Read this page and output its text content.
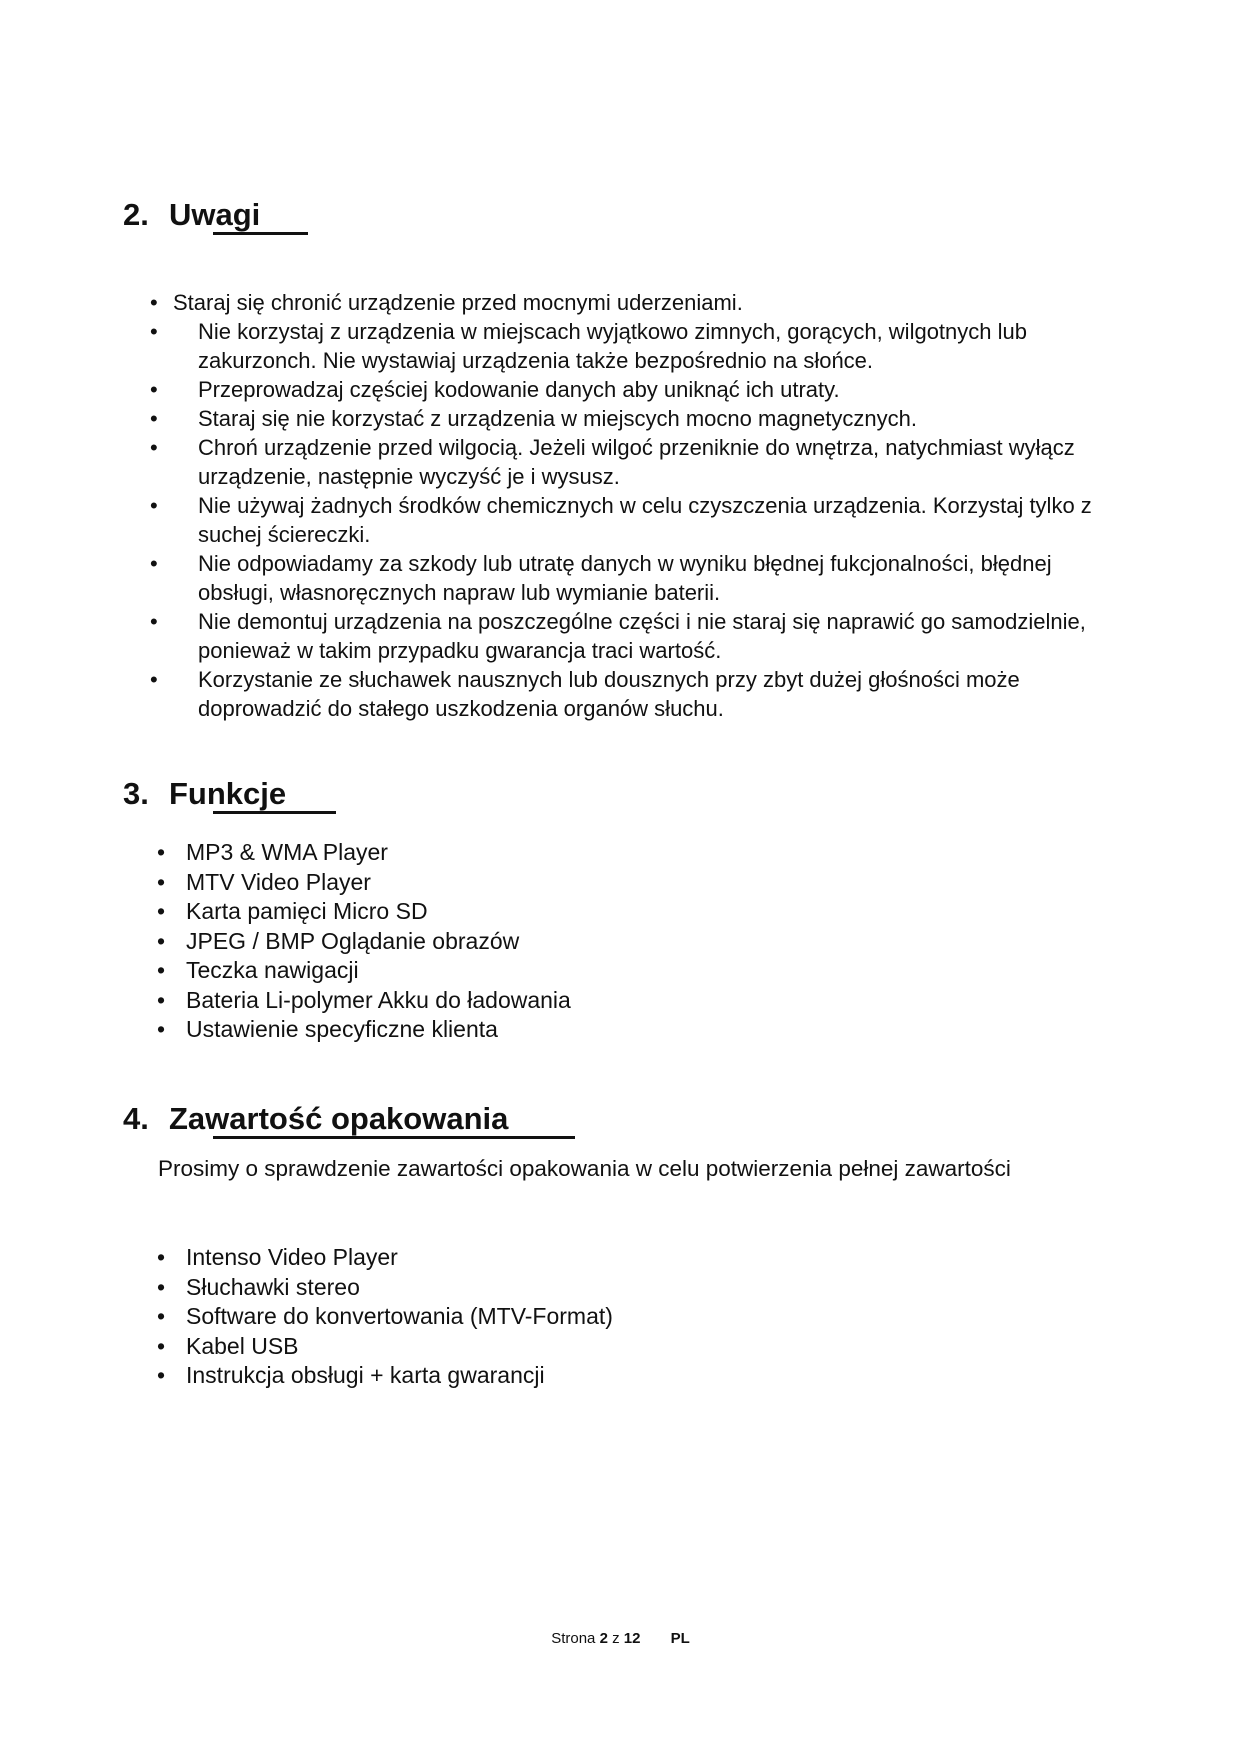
2. Uwagi
• Staraj się chronić urządzenie przed mocnymi uderzeniami.
• Nie korzystaj z urządzenia w miejscach wyjątkowo zimnych, gorących, wilgotnych lub zakurzonch. Nie wystawiaj urządzenia także bezpośrednio na słońce.
• Przeprowadzaj częściej kodowanie danych aby uniknąć ich utraty.
• Staraj się nie korzystać z urządzenia w miejscych mocno magnetycznych.
• Chroń urządzenie przed wilgocią. Jeżeli wilgoć przeniknie do wnętrza, natychmiast wyłącz urządzenie, następnie wyczyść je i wysusz.
• Nie używaj żadnych środków chemicznych w celu czyszczenia urządzenia. Korzystaj tylko z suchej ściereczki.
• Nie odpowiadamy za szkody lub utratę danych w wyniku błędnej fukcjonalności, błędnej obsługi, własnoręcznych napraw lub wymianie baterii.
• Nie demontuj urządzenia na poszczególne części i nie staraj się naprawić go samodzielnie, ponieważ w takim przypadku gwarancja traci wartość.
• Korzystanie ze słuchawek nausznych lub dousznych przy zbyt dużej głośności może doprowadzić do stałego uszkodzenia organów słuchu.
3. Funkcje
• MP3 & WMA Player
• MTV Video Player
• Karta pamięci Micro SD
• JPEG / BMP Oglądanie obrazów
• Teczka nawigacji
• Bateria Li-polymer Akku do ładowania
• Ustawienie specyficzne klienta
4. Zawartość opakowania

Prosimy o sprawdzenie zawartości opakowania w celu potwierzenia pełnej zawartości

• Intenso Video Player
• Słuchawki stereo
• Software do konvertowania (MTV-Format)
• Kabel USB
• Instrukcja obsługi + karta gwarancji
Strona 2 z 12 PL
